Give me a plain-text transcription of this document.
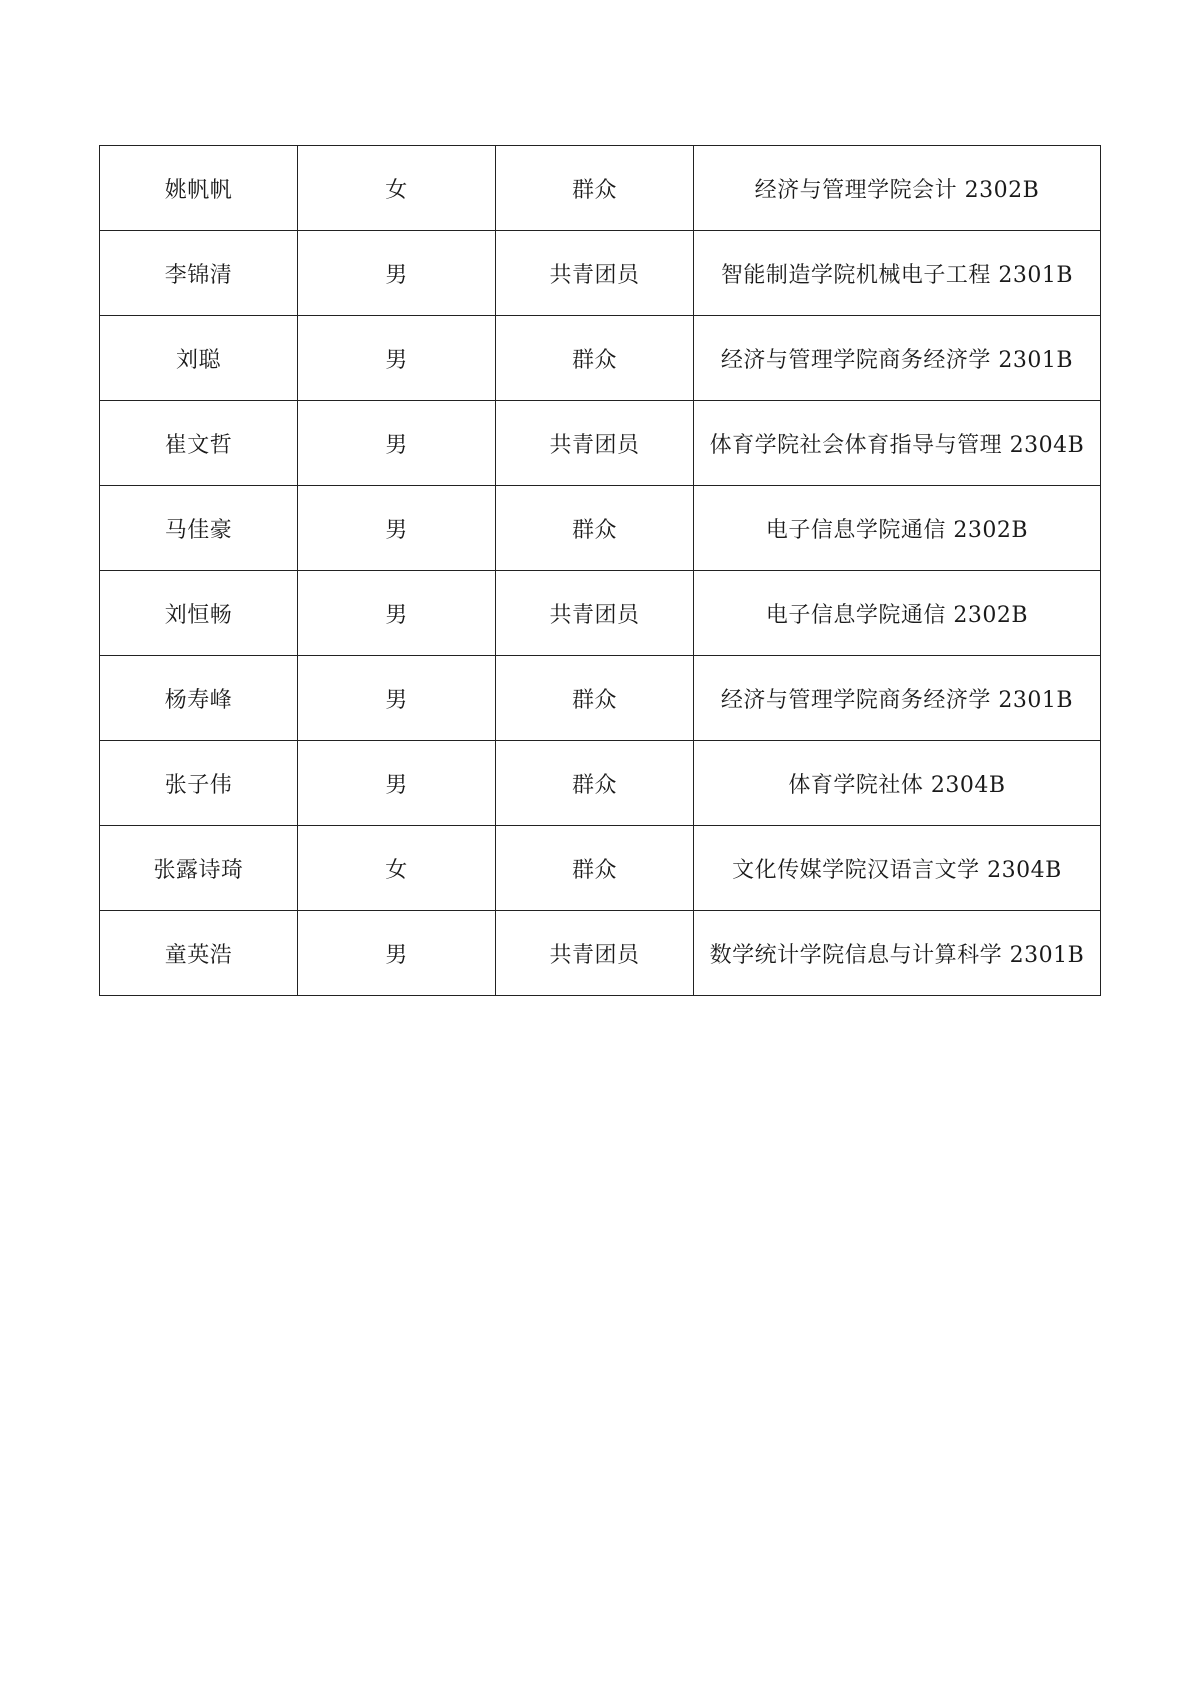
姚帆帆	女	群众	经济与管理学院会计 2302B
李锦清	男	共青团员	智能制造学院机械电子工程 2301B
刘聪	男	群众	经济与管理学院商务经济学 2301B
崔文哲	男	共青团员	体育学院社会体育指导与管理 2304B
马佳豪	男	群众	电子信息学院通信 2302B
刘恒畅	男	共青团员	电子信息学院通信 2302B
杨寿峰	男	群众	经济与管理学院商务经济学 2301B
张子伟	男	群众	体育学院社体 2304B
张露诗琦	女	群众	文化传媒学院汉语言文学 2304B
童英浩	男	共青团员	数学统计学院信息与计算科学 2301B
